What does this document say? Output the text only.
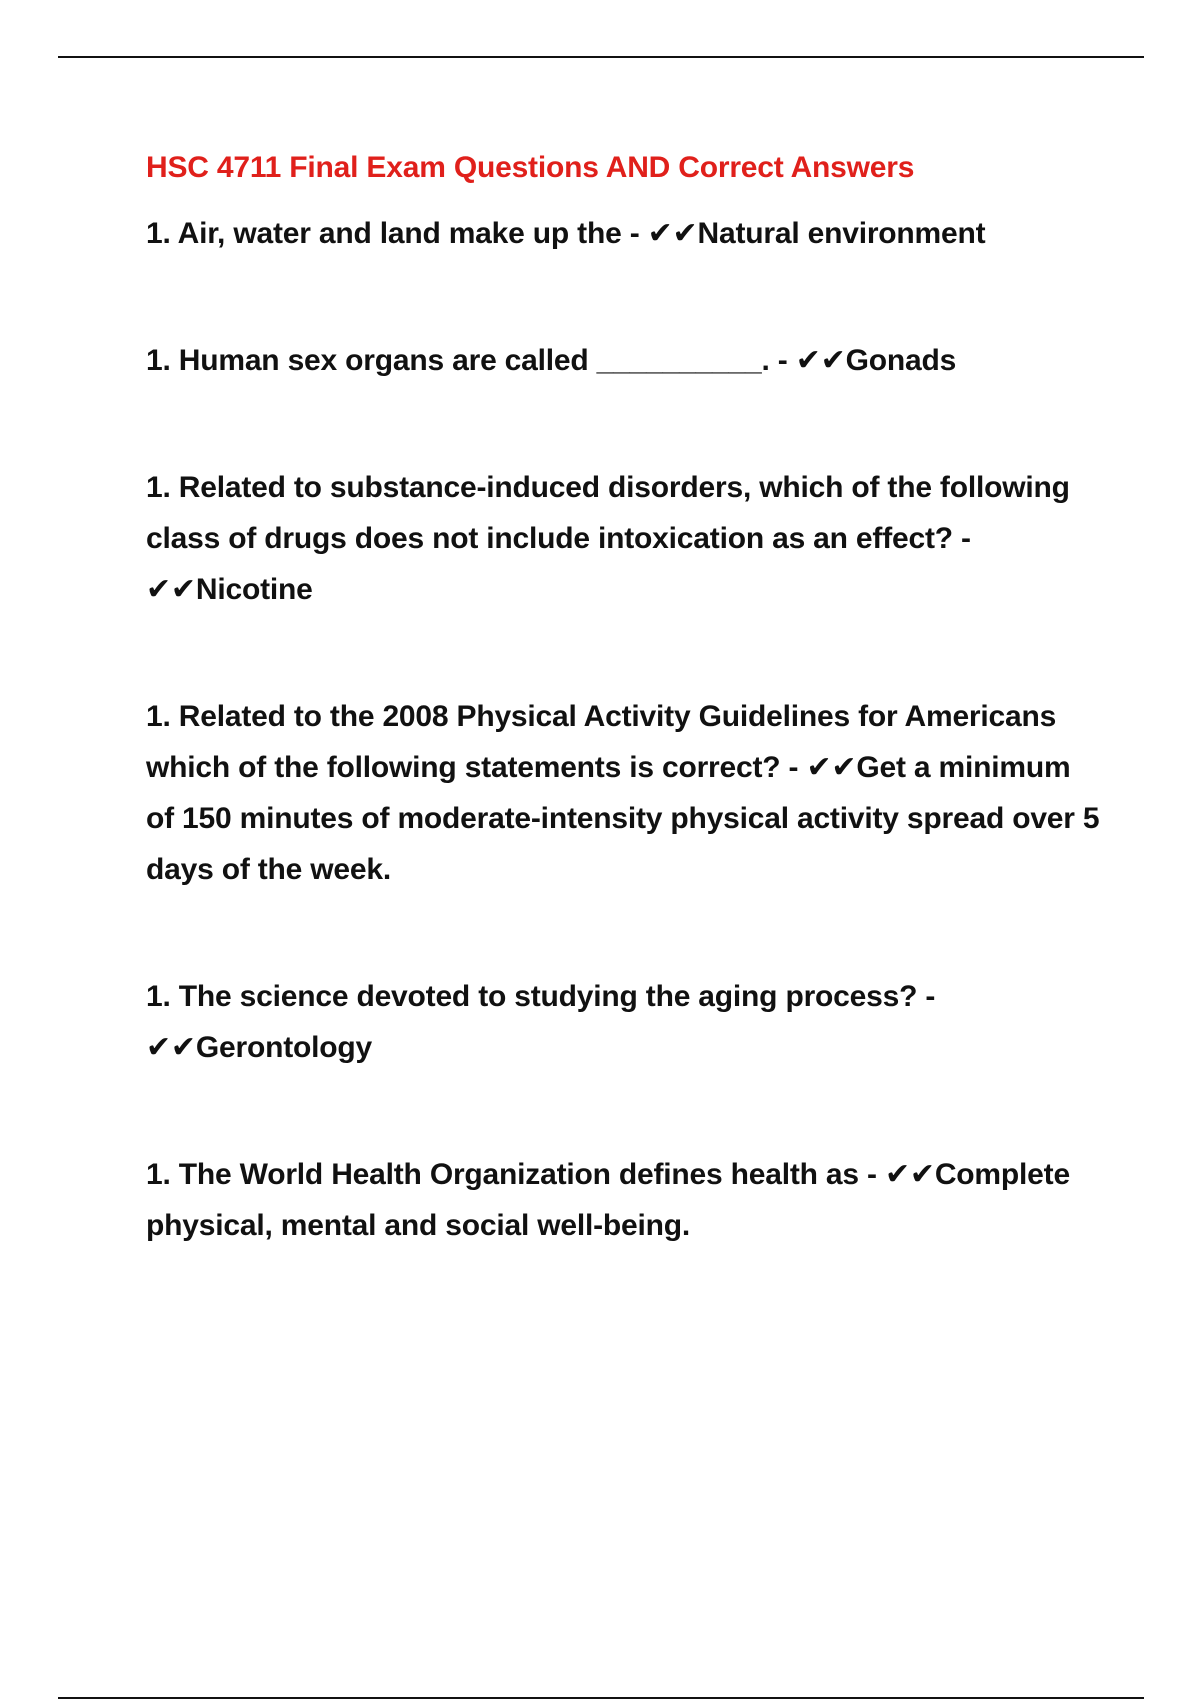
HSC 4711 Final Exam Questions AND Correct Answers

1. Air, water and land make up the - ✔✔Natural environment

1. Human sex organs are called __________. - ✔✔Gonads

1. Related to substance-induced disorders, which of the following class of drugs does not include intoxication as an effect? - ✔✔Nicotine

1. Related to the 2008 Physical Activity Guidelines for Americans which of the following statements is correct? - ✔✔Get a minimum of 150 minutes of moderate-intensity physical activity spread over 5 days of the week.

1. The science devoted to studying the aging process? - ✔✔Gerontology

1. The World Health Organization defines health as - ✔✔Complete physical, mental and social well-being.
